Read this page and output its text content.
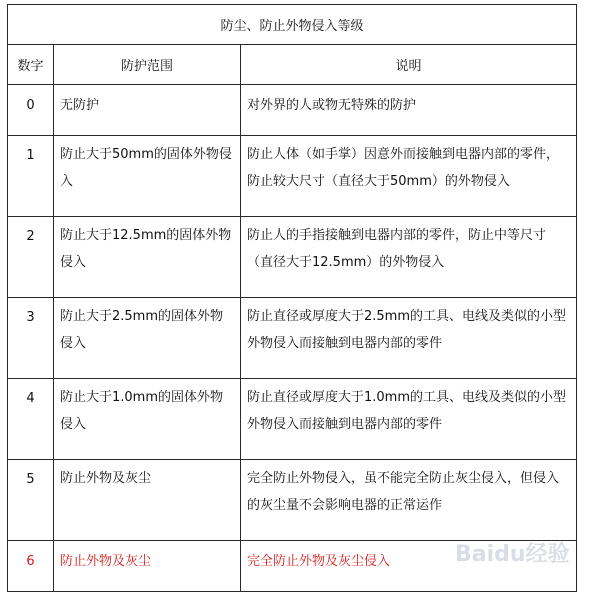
防尘、防止外物侵入等级		
数字	防护范围	说明
0	无防护	对外界的人或物无特殊的防护
1	防止大于50mm的固体外物侵入	防止人体（如手掌）因意外而接触到电器内部的零件，防止较大尺寸（直径大于50mm）的外物侵入
2	防止大于12.5mm的固体外物侵入	防止人的手指接触到电器内部的零件，防止中等尺寸（直径大于12.5mm）的外物侵入
3	防止大于2.5mm的固体外物侵入	防止直径或厚度大于2.5mm的工具、电线及类似的小型外物侵入而接触到电器内部的零件
4	防止大于1.0mm的固体外物侵入	防止直径或厚度大于1.0mm的工具、电线及类似的小型外物侵入而接触到电器内部的零件
5	防止外物及灰尘	完全防止外物侵入，虽不能完全防止灰尘侵入，但侵入的灰尘量不会影响电器的正常运作
6	防止外物及灰尘	完全防止外物及灰尘侵入	Baidu经验
